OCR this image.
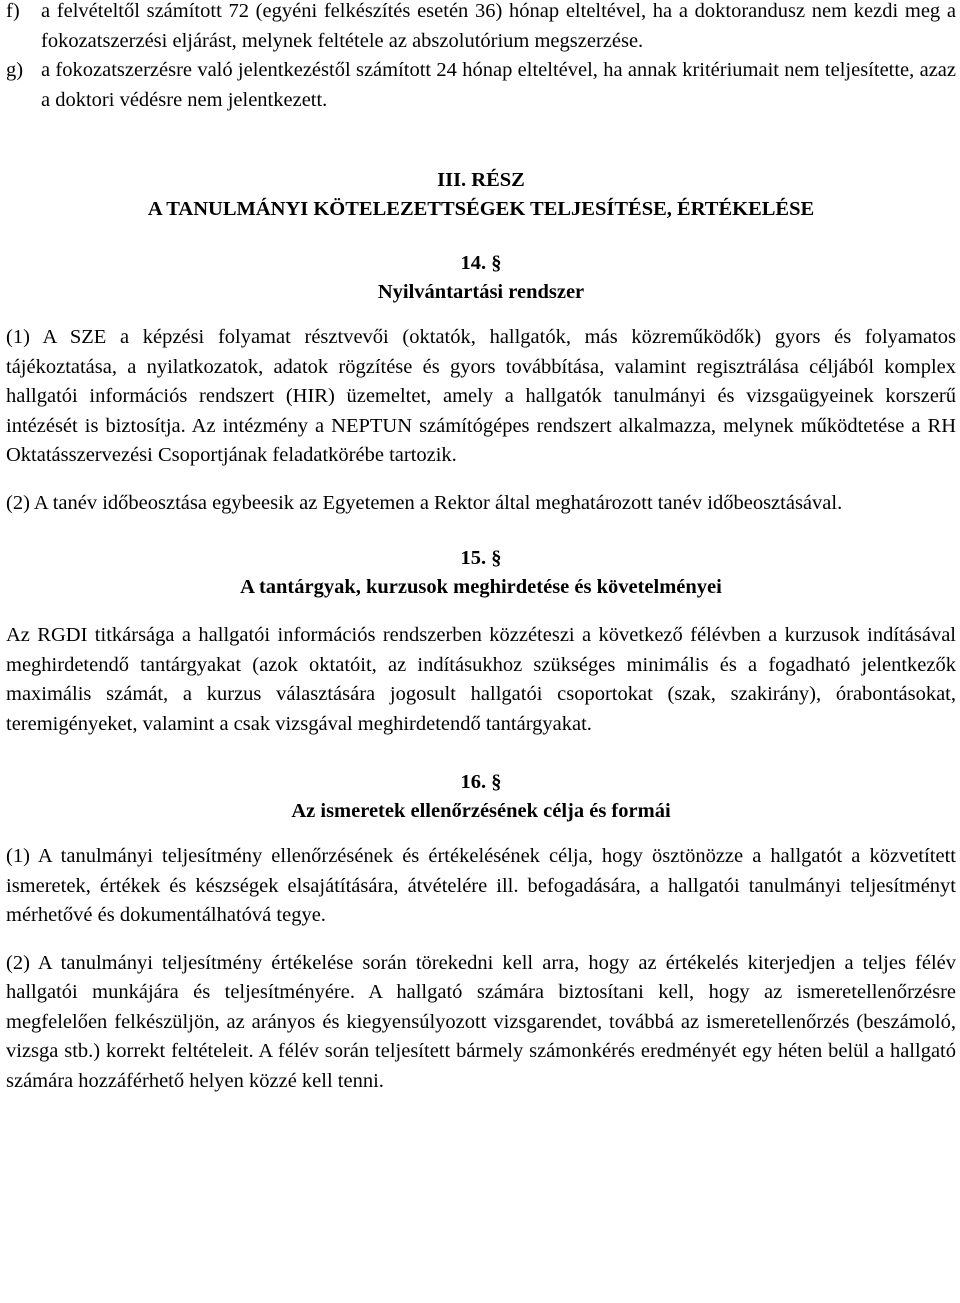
f)	a felvételtől számított 72 (egyéni felkészítés esetén 36) hónap elteltével, ha a doktorandusz nem kezdi meg a fokozatszerzési eljárást, melynek feltétele az abszolutórium megszerzése.

g) a fokozatszerzésre való jelentkezéstől számított 24 hónap elteltével, ha annak kritériumait nem teljesítette, azaz a doktori védésre nem jelentkezett.

III. RÉSZ
A TANULMÁNYI KÖTELEZETTSÉGEK TELJESÍTÉSE, ÉRTÉKELÉSE
14. §
Nyilvántartási rendszer

(1) A SZE a képzési folyamat résztvevői (oktatók, hallgatók, más közreműködők) gyors és folyamatos tájékoztatása, a nyilatkozatok, adatok rögzítése és gyors továbbítása, valamint regisztrálása céljából komplex hallgatói információs rendszert (HIR) üzemeltet, amely a hallgatók tanulmányi és vizsgaügyeinek korszerű intézését is biztosítja. Az intézmény a NEPTUN számítógépes rendszert alkalmazza, melynek működtetése a RH Oktatásszervezési Csoportjának feladatkörébe tartozik.

(2) A tanév időbeosztása egybeesik az Egyetemen a Rektor által meghatározott tanév időbeosztásával.

15. §
A tantárgyak, kurzusok meghirdetése és követelményei

Az RGDI titkársága a hallgatói információs rendszerben közzéteszi a következő félévben a kurzusok indításával meghirdetendő tantárgyakat (azok oktatóit, az indításukhoz szükséges minimális és a fogadható jelentkezők maximális számát, a kurzus választására jogosult hallgatói csoportokat (szak, szakirány), órabontásokat, teremigényeket, valamint a csak vizsgával meghirdetendő tantárgyakat.

16. §
Az ismeretek ellenőrzésének célja és formái

(1) A tanulmányi teljesítmény ellenőrzésének és értékelésének célja, hogy ösztönözze a hallgatót a közvetített ismeretek, értékek és készségek elsajátítására, átvételére ill. befogadására, a hallgatói tanulmányi teljesítményt mérhetővé és dokumentálhatóvá tegye.

(2) A tanulmányi teljesítmény értékelése során törekedni kell arra, hogy az értékelés kiterjedjen a teljes félév hallgatói munkájára és teljesítményére. A hallgató számára biztosítani kell, hogy az ismeretellenőrzésre megfelelően felkészüljön, az arányos és kiegyensúlyozott vizsgarendet, továbbá az ismeretellenőrzés (beszámoló, vizsga stb.) korrekt feltételeit. A félév során teljesített bármely számonkérés eredményét egy héten belül a hallgató számára hozzáférhető helyen közzé kell tenni.
